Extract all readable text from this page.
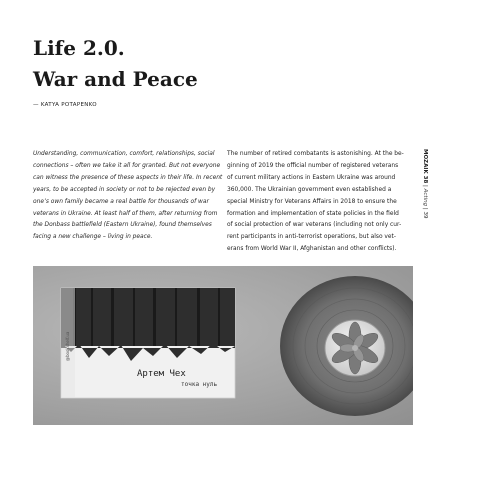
Life 2.0.
War and Peace
— KATYA POTAPENKO
Understanding, communication, comfort, relationships, social
connections – often we take it all for granted. But not everyone
can witness the presence of these aspects in their life. In recent
years, to be accepted in society or not to be rejected even by
one’s own family became a real battle for thousands of war
veterans in Ukraine. At least half of them, after returning from
the Donbass battlefield (Eastern Ukraine), found themselves
facing a new challenge – living in peace.
The number of retired combatants is astonishing. At the be-
ginning of 2019 the official number of registered veterans
of current military actions in Eastern Ukraine was around
360,000. The Ukrainian government even established a
special Ministry for Veterans Affairs in 2018 to ensure the
formation and implementation of state policies in the field
of social protection of war veterans (including not only cur-
rent participants in anti-terrorist operations, but also vet-
erans from World War II, Afghanistan and other conflicts).
MOZAIK 38 | Acting | 39
@bookshelf.ua
Артем Чех
точка нуль
